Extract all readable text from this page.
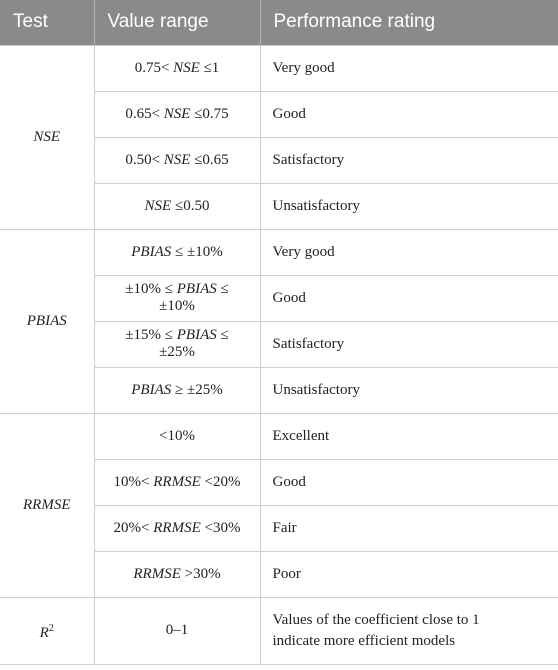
Test	Value range	Performance rating
NSE	0.75< NSE ≤1	Very good
	0.65< NSE ≤0.75	Good
	0.50< NSE ≤0.65	Satisfactory
	NSE ≤0.50	Unsatisfactory
PBIAS	PBIAS ≤ ±10%	Very good
	±10% ≤ PBIAS ≤ ±10%	Good
	±15% ≤ PBIAS ≤ ±25%	Satisfactory
	PBIAS ≥ ±25%	Unsatisfactory
RRMSE	<10%	Excellent
	10%< RRMSE <20%	Good
	20%< RRMSE <30%	Fair
	RRMSE >30%	Poor
$R^2$	0–1	Values of the coefficient close to 1
indicate more efficient models
